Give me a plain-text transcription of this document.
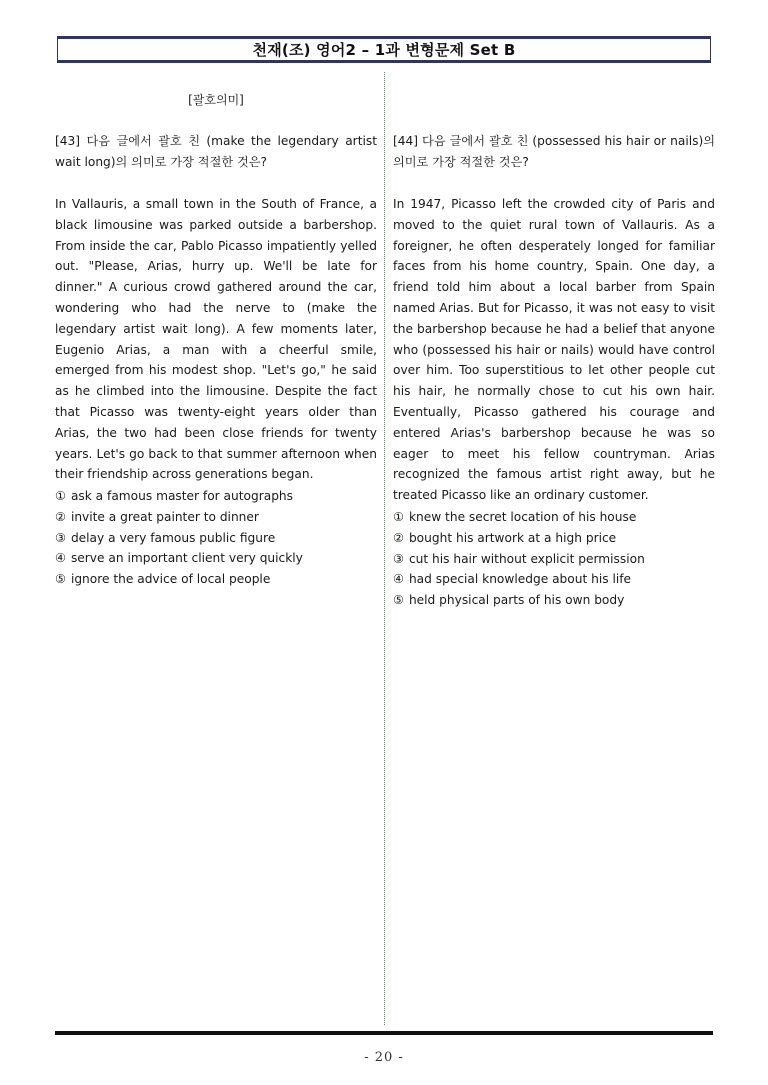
천재(조) 영어2 – 1과 변형문제 Set B
[괄호의미]

[43] 다음 글에서 괄호 친 (make the legendary artist wait long)의 의미로 가장 적절한 것은?

In Vallauris, a small town in the South of France, a black limousine was parked outside a barbershop. From inside the car, Pablo Picasso impatiently yelled out. "Please, Arias, hurry up. We'll be late for dinner." A curious crowd gathered around the car, wondering who had the nerve to (make the legendary artist wait long). A few moments later, Eugenio Arias, a man with a cheerful smile, emerged from his modest shop. "Let's go," he said as he climbed into the limousine. Despite the fact that Picasso was twenty-eight years older than Arias, the two had been close friends for twenty years. Let's go back to that summer afternoon when their friendship across generations began.

① ask a famous master for autographs
② invite a great painter to dinner
③ delay a very famous public figure
④ serve an important client very quickly
⑤ ignore the advice of local people

[44] 다음 글에서 괄호 친 (possessed his hair or nails)의 의미로 가장 적절한 것은?

In 1947, Picasso left the crowded city of Paris and moved to the quiet rural town of Vallauris. As a foreigner, he often desperately longed for familiar faces from his home country, Spain. One day, a friend told him about a local barber from Spain named Arias. But for Picasso, it was not easy to visit the barbershop because he had a belief that anyone who (possessed his hair or nails) would have control over him. Too superstitious to let other people cut his hair, he normally chose to cut his own hair. Eventually, Picasso gathered his courage and entered Arias's barbershop because he was so eager to meet his fellow countryman. Arias recognized the famous artist right away, but he treated Picasso like an ordinary customer.

① knew the secret location of his house
② bought his artwork at a high price
③ cut his hair without explicit permission
④ had special knowledge about his life
⑤ held physical parts of his own body
- 20 -
